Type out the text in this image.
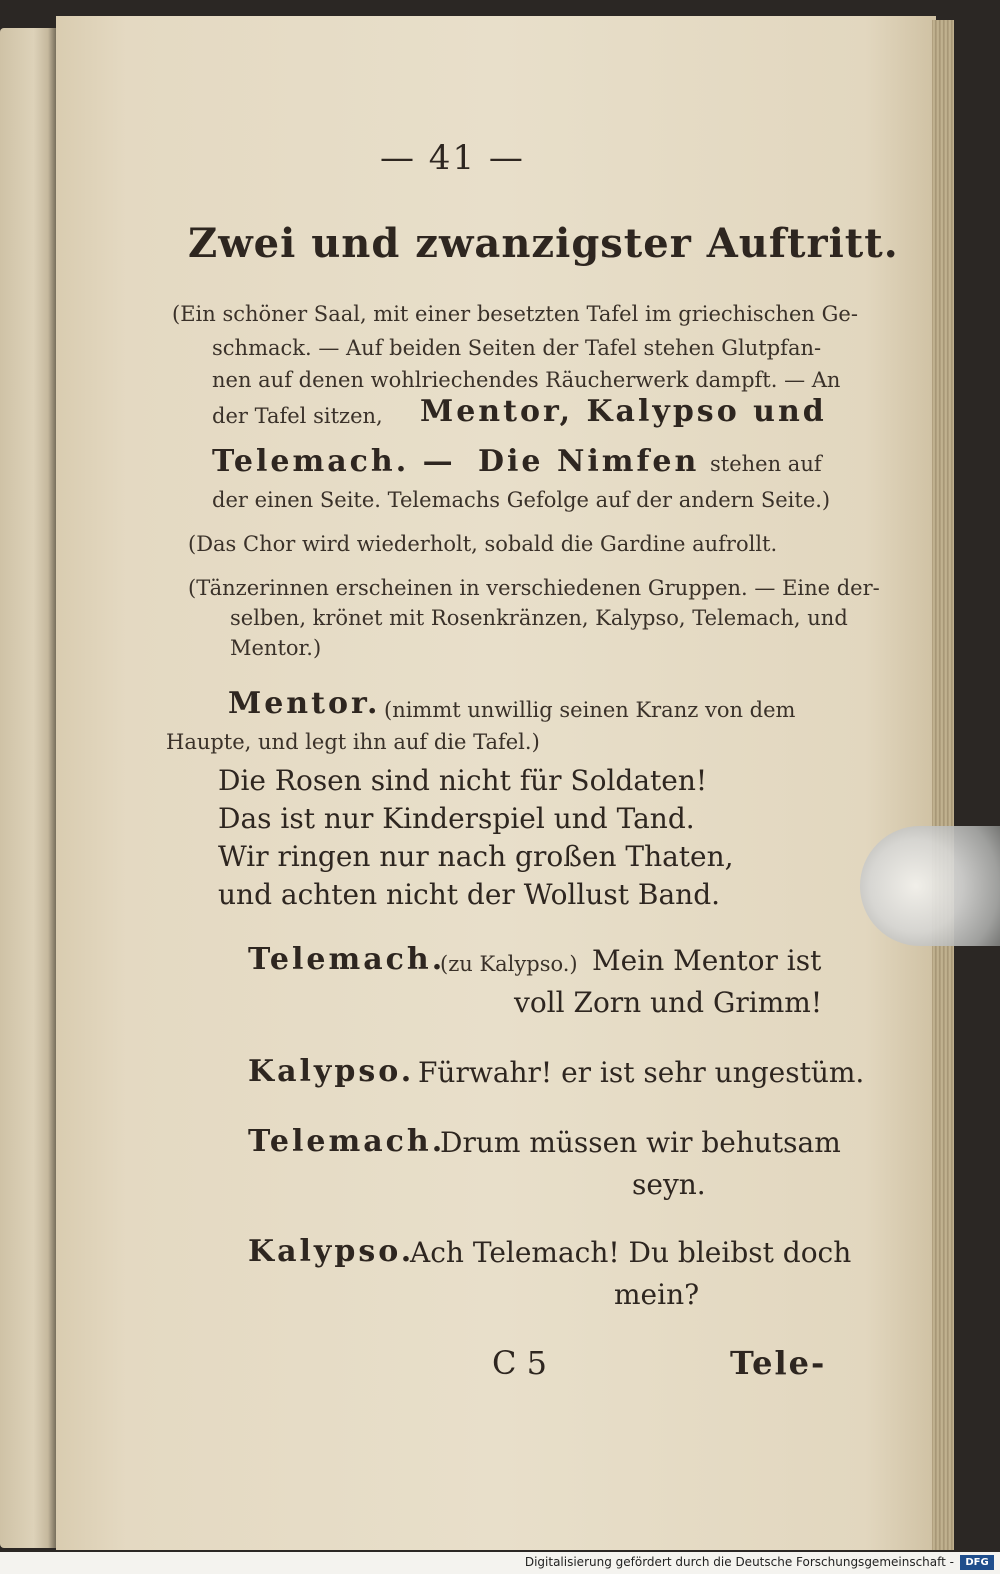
— 41 —
Zwei und zwanzigster Auftritt.
(Ein schöner Saal, mit einer besetzten Tafel im griechischen Ge-
schmack. — Auf beiden Seiten der Tafel stehen Glutpfan-
nen auf denen wohlriechendes Räucherwerk dampft. — An
der Tafel sitzen, Mentor, Kalypso und
Telemach. — Die Nimfen stehen auf
der einen Seite. Telemachs Gefolge auf der andern Seite.)
(Das Chor wird wiederholt, sobald die Gardine aufrollt.
(Tänzerinnen erscheinen in verschiedenen Gruppen. — Eine der-
selben, krönet mit Rosenkränzen, Kalypso, Telemach, und
Mentor.)
Mentor. (nimmt unwillig seinen Kranz von dem
Haupte, und legt ihn auf die Tafel.)
Die Rosen sind nicht für Soldaten!
Das ist nur Kinderspiel und Tand.
Wir ringen nur nach großen Thaten,
und achten nicht der Wollust Band.
Telemach.
(zu Kalypso.) Mein Mentor ist
voll Zorn und Grimm!
Kalypso. Fürwahr! er ist sehr ungestüm.
Telemach.
Drum müssen wir behutsam
seyn.
Kalypso.
Ach Telemach! Du bleibst doch
mein?
C 5	Tele-
Digitalisierung gefördert durch die Deutsche Forschungsgemeinschaft -	DFG
